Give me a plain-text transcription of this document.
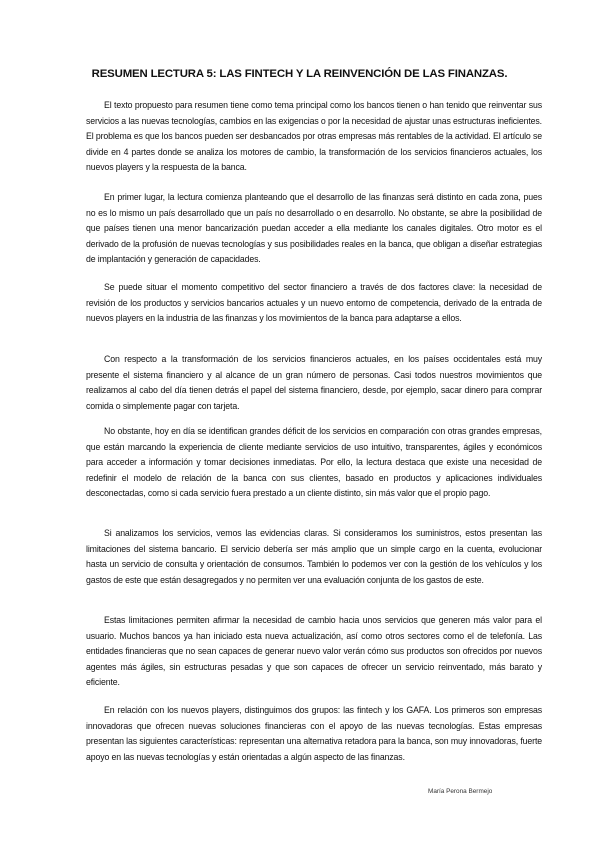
RESUMEN LECTURA 5: LAS FINTECH Y LA REINVENCIÓN DE LAS FINANZAS.

El texto propuesto para resumen tiene como tema principal como los bancos tienen o han tenido que reinventar sus servicios a las nuevas tecnologías, cambios en las exigencias o por la necesidad de ajustar unas estructuras ineficientes. El problema es que los bancos pueden ser desbancados por otras empresas más rentables de la actividad. El artículo se divide en 4 partes donde se analiza los motores de cambio, la transformación de los servicios financieros actuales, los nuevos players y la respuesta de la banca.

En primer lugar, la lectura comienza planteando que el desarrollo de las finanzas será distinto en cada zona, pues no es lo mismo un país desarrollado que un país no desarrollado o en desarrollo. No obstante, se abre la posibilidad de que países tienen una menor bancarización puedan acceder a ella mediante los canales digitales. Otro motor es el derivado de la profusión de nuevas tecnologías y sus posibilidades reales en la banca, que obligan a diseñar estrategias de implantación y generación de capacidades.

Se puede situar el momento competitivo del sector financiero a través de dos factores clave: la necesidad de revisión de los productos y servicios bancarios actuales y un nuevo entorno de competencia, derivado de la entrada de nuevos players en la industria de las finanzas y los movimientos de la banca para adaptarse a ellos.

Con respecto a la transformación de los servicios financieros actuales, en los países occidentales está muy presente el sistema financiero y al alcance de un gran número de personas. Casi todos nuestros movimientos que realizamos al cabo del día tienen detrás el papel del sistema financiero, desde, por ejemplo, sacar dinero para comprar comida o simplemente pagar con tarjeta.

No obstante, hoy en día se identifican grandes déficit de los servicios en comparación con otras grandes empresas, que están marcando la experiencia de cliente mediante servicios de uso intuitivo, transparentes, ágiles y económicos para acceder a información y tomar decisiones inmediatas. Por ello, la lectura destaca que existe una necesidad de redefinir el modelo de relación de la banca con sus clientes, basado en productos y aplicaciones individuales desconectadas, como si cada servicio fuera prestado a un cliente distinto, sin más valor que el propio pago.

Si analizamos los servicios, vemos las evidencias claras. Si consideramos los suministros, estos presentan las limitaciones del sistema bancario. El servicio debería ser más amplio que un simple cargo en la cuenta, evolucionar hasta un servicio de consulta y orientación de consumos. También lo podemos ver con la gestión de los vehículos y los gastos de este que están desagregados y no permiten ver una evaluación conjunta de los gastos de este.

Estas limitaciones permiten afirmar la necesidad de cambio hacia unos servicios que generen más valor para el usuario. Muchos bancos ya han iniciado esta nueva actualización, así como otros sectores como el de telefonía. Las entidades financieras que no sean capaces de generar nuevo valor verán cómo sus productos son ofrecidos por nuevos agentes más ágiles, sin estructuras pesadas y que son capaces de ofrecer un servicio reinventado, más barato y eficiente.

En relación con los nuevos players, distinguimos dos grupos: las fintech y los GAFA. Los primeros son empresas innovadoras que ofrecen nuevas soluciones financieras con el apoyo de las nuevas tecnologías. Estas empresas presentan las siguientes características: representan una alternativa retadora para la banca, son muy innovadoras, fuerte apoyo en las nuevas tecnologías y están orientadas a algún aspecto de las finanzas.

María Perona Bermejo
